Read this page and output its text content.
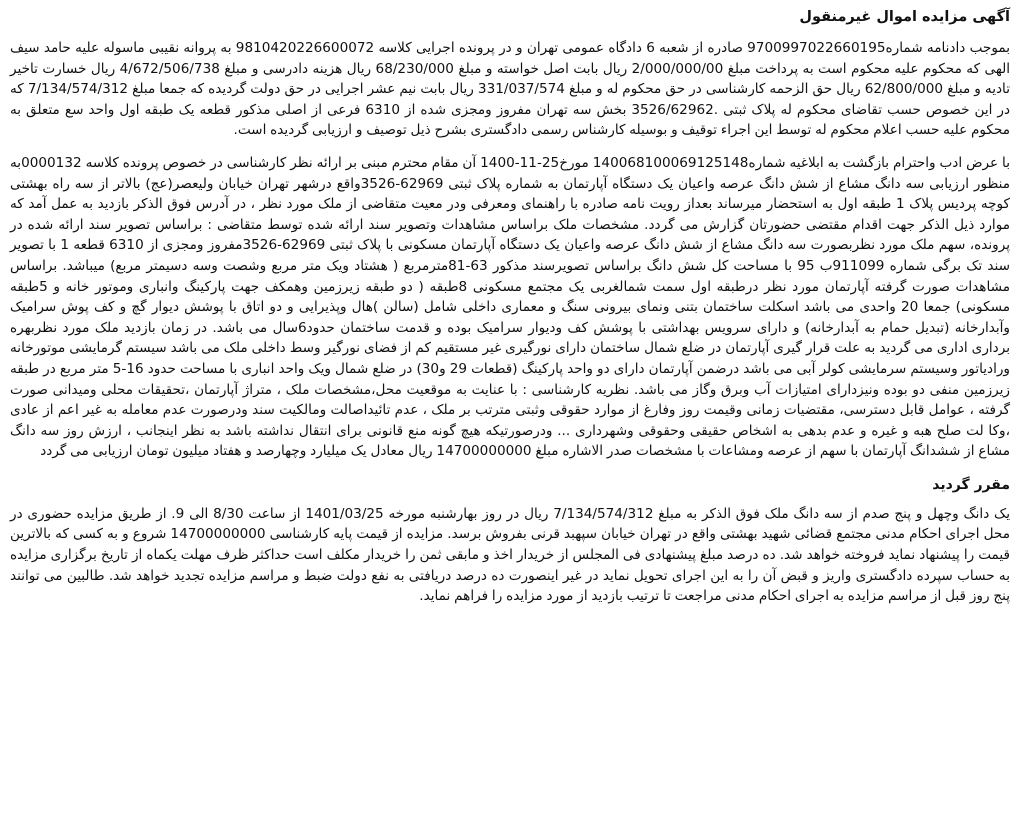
آگهی مزایده اموال غیرمنقول

بموجب دادنامه شماره9700997022660195 صادره از شعبه 6 دادگاه عمومی تهران و در پرونده اجرایی کلاسه 9810420226600072 به پروانه نقیبی ماسوله علیه حامد سیف الهی که محکوم علیه محکوم است به پرداخت مبلغ 2/000/000/00 ریال بابت اصل خواسته و مبلغ 68/230/000 ریال هزینه دادرسی و مبلغ 4/672/506/738 ریال خسارت تاخیر تادیه و مبلغ 62/800/000 ریال حق الزحمه کارشناسی در حق محکوم له و مبلغ 331/037/574 ریال بابت نیم عشر اجرایی در حق دولت گردیده که جمعا مبلغ 7/134/574/312 که در این خصوص حسب تقاضای محکوم له پلاک ثبتی .3526/62962 بخش سه تهران مفروز ومجزی شده از 6310 فرعی از اصلی مذکور قطعه یک طبقه اول واحد سع متعلق به محکوم علیه حسب اعلام محکوم له توسط این اجراء توقیف و بوسیله کارشناس رسمی دادگستری بشرح ذیل توصیف و ارزیابی گردیده است.

با عرض ادب واحترام بازگشت به ابلاغیه شماره140068100069125148 مورخ25-11-1400 آن مقام محترم مبنی بر ارائه نظر کارشناسی در خصوص پرونده کلاسه 0000132به منظور ارزیابی سه دانگ مشاع از شش دانگ عرصه واعیان یک دستگاه آپارتمان به شماره پلاک ثبتی 62969-3526واقع درشهر تهران خیابان ولیعصر(عج) بالاتر از سه راه بهشتی کوچه پردیس پلاک 1 طبقه اول به استحضار میرساند بعداز رویت نامه صادره با راهنمای ومعرفی ودر معیت متقاضی از ملک مورد نظر ، در آدرس فوق الذکر بازدید به عمل آمد که موارد ذیل الذکر جهت اقدام مقتضی حضورتان گزارش می گردد. مشخصات ملک براساس مشاهدات وتصویر سند ارائه شده توسط متقاضی : براساس تصویر سند ارائه شده در پرونده، سهم ملک مورد نظربصورت سه دانگ مشاع از شش دانگ عرصه واعیان یک دستگاه آپارتمان مسکونی با پلاک ثبتی 62969-3526مفروز ومجزی از 6310 قطعه 1 با تصویر سند تک برگی شماره 911099ب 95 با مساحت کل شش دانگ براساس تصویرسند مذکور 63-81مترمربع ( هشتاد ویک متر مربع وشصت وسه دسیمتر مربع) میباشد. براساس مشاهدات صورت گرفته آپارتمان مورد نظر درطبقه اول سمت شمالغربی یک مجتمع مسکونی 8طبقه ( دو طبقه زیرزمین وهمکف جهت پارکینگ وانباری وموتور خانه و 5طبقه مسکونی) جمعا 20 واحدی می باشد اسکلت ساختمان بتنی ونمای بیرونی سنگ و معماری داخلی شامل (سالن )هال وپذیرایی و دو اتاق با پوشش دیوار گچ و کف پوش سرامیک وآبدارخانه (تبدیل حمام به آبدارخانه) و دارای سرویس بهداشتی با پوشش کف ودیوار سرامیک بوده و قدمت ساختمان حدود6سال می باشد. در زمان بازدید ملک مورد نظربهره برداری اداری می گردید به علت قرار گیری آپارتمان در ضلع شمال ساختمان دارای نورگیری غیر مستقیم کم از فضای نورگیر وسط داخلی ملک می باشد سیستم گرمایشی موتورخانه ورادیاتور وسیستم سرمایشی کولر آبی می باشد درضمن آپارتمان دارای دو واحد پارکینگ (قطعات 29 و30) در ضلع شمال ویک واحد انباری با مساحت حدود 16-5 متر مربع در طبقه زیرزمین منفی دو بوده ونیزدارای امتیازات آب وبرق وگاز می باشد. نظریه کارشناسی : با عنایت به موقعیت محل،مشخصات ملک ، متراژ آپارتمان ،تحقیقات محلی ومیدانی صورت گرفته ، عوامل قابل دسترسی، مقتضیات زمانی وقیمت روز وفارغ از موارد حقوقی وثبتی مترتب بر ملک ، عدم تائیداصالت ومالکیت سند ودرصورت عدم معامله به غیر اعم از عادی ،وکا لت صلح هبه و غیره و عدم بدهی به اشخاص حقیقی وحقوقی وشهرداری ... ودرصورتیکه هیچ گونه منع قانونی برای انتقال نداشته باشد به نظر اینجانب ، ارزش روز سه دانگ مشاع از ششدانگ آپارتمان با سهم از عرصه ومشاعات با مشخصات صدر الاشاره مبلغ 14700000000 ریال معادل یک میلیارد وچهارصد و هفتاد میلیون تومان ارزیابی می گردد

مقرر گردید

یک دانگ وچهل و پنج صدم از سه دانگ ملک فوق الذکر به مبلغ 7/134/574/312 ریال در روز بهارشنبه مورخه 1401/03/25 از ساعت 8/30 الی 9. از طریق مزایده حضوری در محل اجرای احکام مدنی مجتمع قضائی شهید بهشتی واقع در تهران خیابان سپهبد قرنی بفروش برسد. مزایده از قیمت پایه کارشناسی 14700000000 شروع و به کسی که بالاترین قیمت را پیشنهاد نماید فروخته خواهد شد. ده درصد مبلغ پیشنهادی فی المجلس از خریدار اخذ و مابقی ثمن را خریدار مکلف است حداکثر ظرف مهلت یکماه از تاریخ برگزاری مزایده به حساب سپرده دادگستری واریز و قبض آن را به این اجرای تحویل نماید در غیر اینصورت ده درصد دریافتی به نفع دولت ضبط و مراسم مزایده تجدید خواهد شد. طالبین می توانند پنج روز قبل از مراسم مزایده به اجرای احکام مدنی مراجعت تا ترتیب بازدید از مورد مزایده را فراهم نماید.
